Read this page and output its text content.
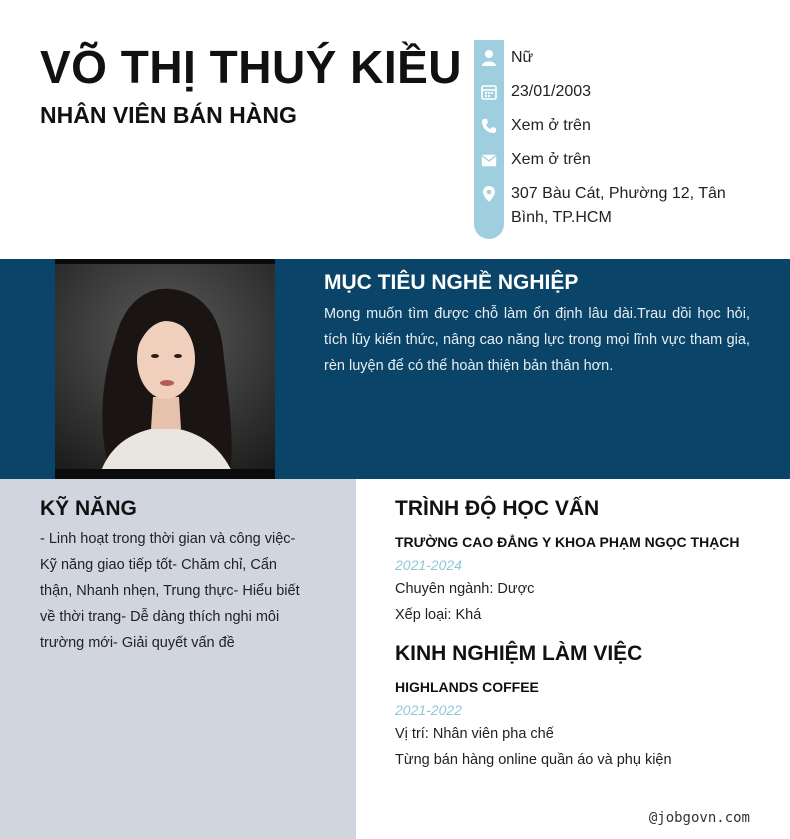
VÕ THỊ THUÝ KIỀU
NHÂN VIÊN BÁN HÀNG
Nữ
23/01/2003
Xem ở trên
Xem ở trên
307 Bàu Cát, Phường 12, Tân Bình, TP.HCM
MỤC TIÊU NGHỀ NGHIỆP
Mong muốn tìm được chỗ làm ổn định lâu dài.Trau dồi học hỏi, tích lũy kiến thức, nâng cao năng lực trong mọi lĩnh vực tham gia, rèn luyện để có thể hoàn thiện bản thân hơn.
KỸ NĂNG
- Linh hoạt trong thời gian và công việc- Kỹ năng giao tiếp tốt- Chăm chỉ, Cẩn thận, Nhanh nhẹn, Trung thực- Hiểu biết về thời trang- Dễ dàng thích nghi môi trường mới- Giải quyết vấn đề
TRÌNH ĐỘ HỌC VẤN
TRƯỜNG CAO ĐẲNG Y KHOA PHẠM NGỌC THẠCH
2021-2024
Chuyên ngành: Dược
Xếp loại: Khá
KINH NGHIỆM LÀM VIỆC
HIGHLANDS COFFEE
2021-2022
Vị trí: Nhân viên pha chế
Từng bán hàng online quần áo và phụ kiện
@jobgovn.com
